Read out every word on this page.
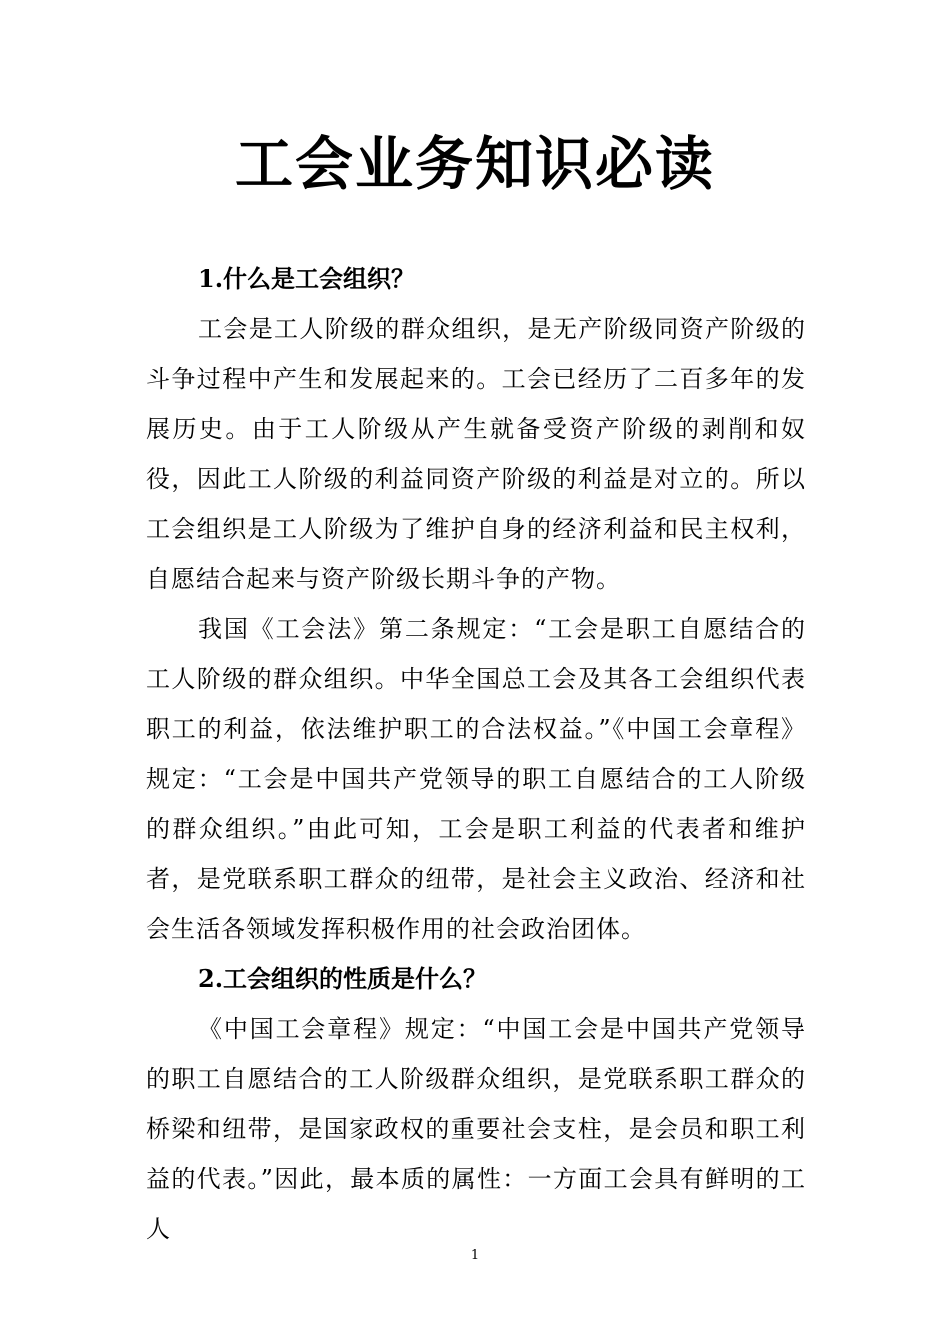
工会业务知识必读

1.什么是工会组织？

工会是工人阶级的群众组织，是无产阶级同资产阶级的斗争过程中产生和发展起来的。工会已经历了二百多年的发展历史。由于工人阶级从产生就备受资产阶级的剥削和奴役，因此工人阶级的利益同资产阶级的利益是对立的。所以工会组织是工人阶级为了维护自身的经济利益和民主权利，自愿结合起来与资产阶级长期斗争的产物。

我国《工会法》第二条规定：“工会是职工自愿结合的工人阶级的群众组织。中华全国总工会及其各工会组织代表职工的利益，依法维护职工的合法权益。”《中国工会章程》规定：“工会是中国共产党领导的职工自愿结合的工人阶级的群众组织。”由此可知，工会是职工利益的代表者和维护者，是党联系职工群众的纽带，是社会主义政治、经济和社会生活各领域发挥积极作用的社会政治团体。

2.工会组织的性质是什么？

《中国工会章程》规定：“中国工会是中国共产党领导的职工自愿结合的工人阶级群众组织，是党联系职工群众的桥梁和纽带，是国家政权的重要社会支柱，是会员和职工利益的代表。”因此，最本质的属性：一方面工会具有鲜明的工人

1
